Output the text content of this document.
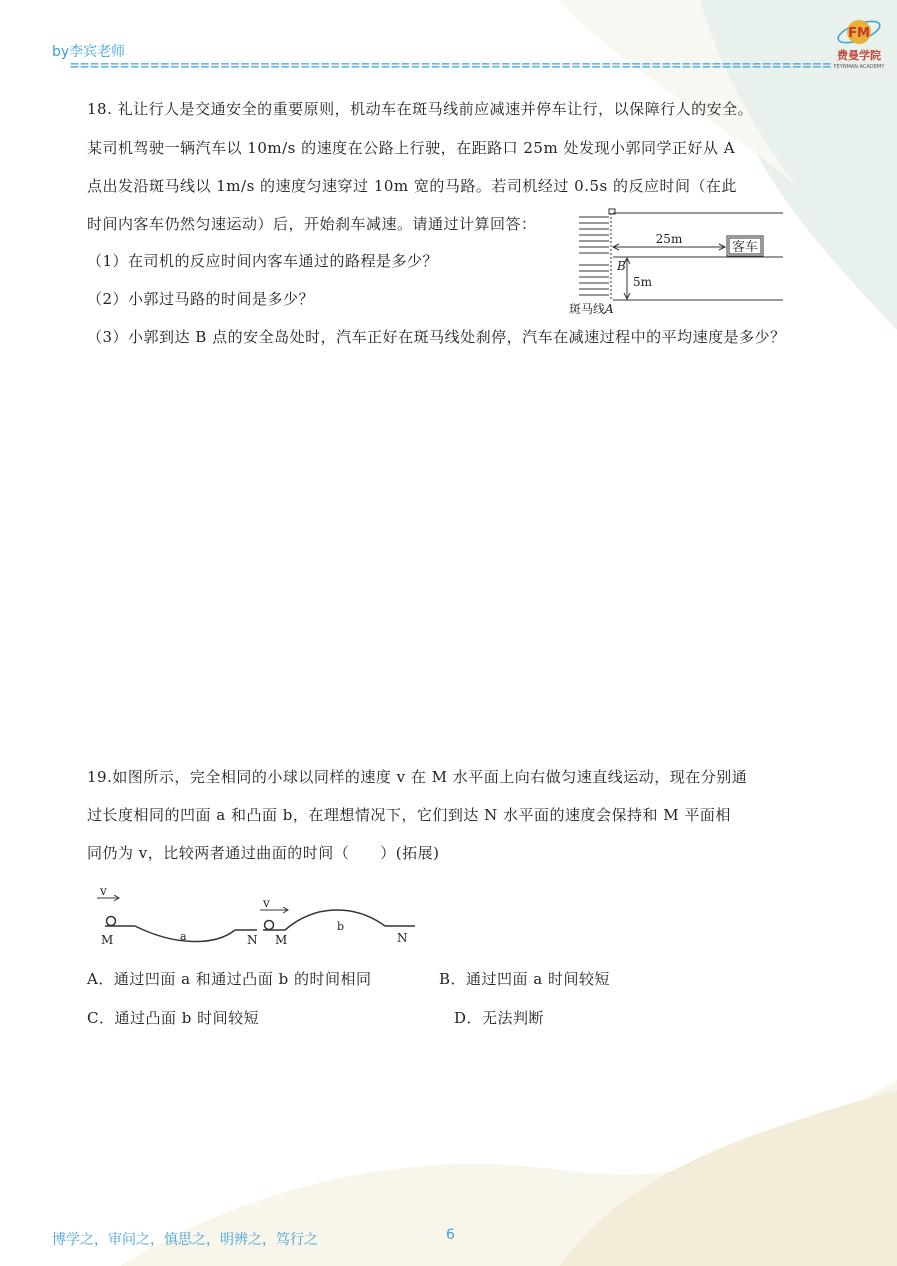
by李宾老师
============================================================================
FM
费曼学院
FEYNMAN ACADEMY
18. 礼让行人是交通安全的重要原则，机动车在斑马线前应减速并停车让行，以保障行人的安全。
某司机驾驶一辆汽车以 10m/s 的速度在公路上行驶，在距路口 25m 处发现小郭同学正好从 A
点出发沿斑马线以 1m/s 的速度匀速穿过 10m 宽的马路。若司机经过 0.5s 的反应时间（在此
时间内客车仍然匀速运动）后，开始刹车减速。请通过计算回答：
（1）在司机的反应时间内客车通过的路程是多少？
（2）小郭过马路的时间是多少？
（3）小郭到达 B 点的安全岛处时，汽车正好在斑马线处刹停，汽车在减速过程中的平均速度是多少？
25m
客车
B
5m
斑马线 A
19.如图所示，完全相同的小球以同样的速度 v 在 M 水平面上向右做匀速直线运动，现在分别通
过长度相同的凹面 a 和凸面 b，在理想情况下，它们到达 N 水平面的速度会保持和 M 平面相
同仍为 v，比较两者通过曲面的时间（　　）(拓展)
v
M	a	N
v
M
b
N
A．通过凹面 a 和通过凸面 b 的时间相同	B．通过凹面 a 时间较短
C．通过凸面 b 时间较短	D．无法判断
博学之，审问之，慎思之，明辨之，笃行之	6
